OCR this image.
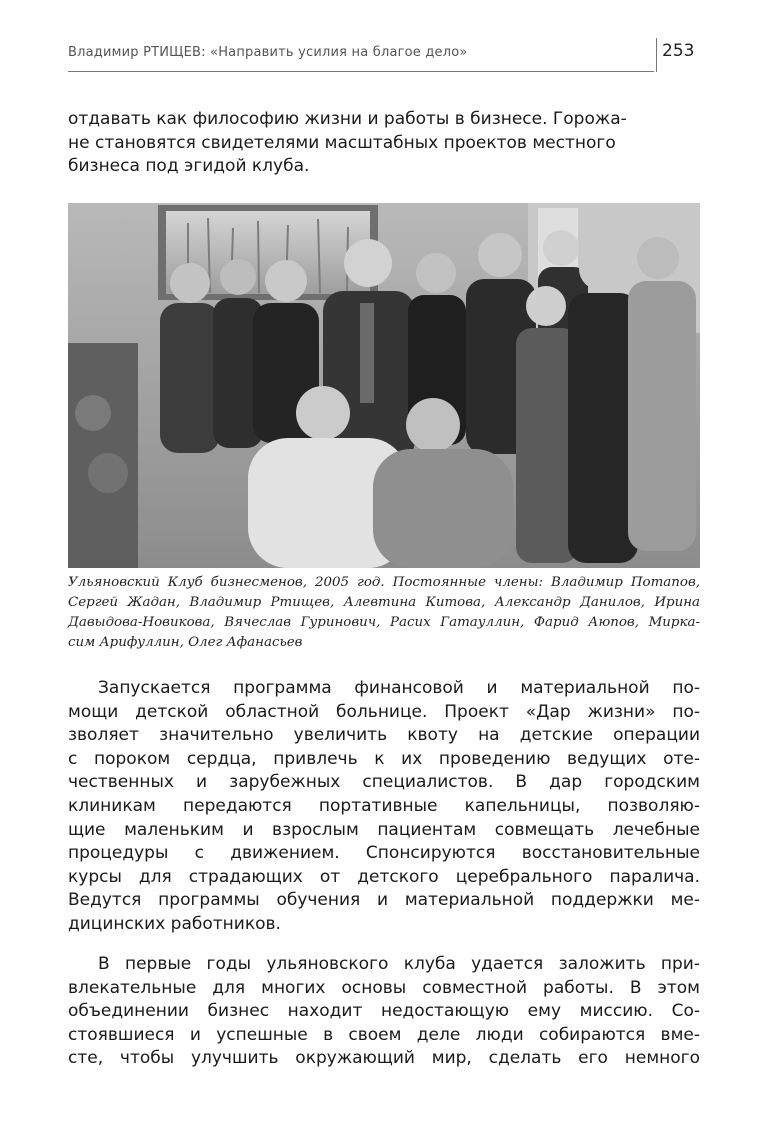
Владимир РТИЩЕВ: «Направить усилия на благое дело»	253

отдавать как философию жизни и работы в бизнесе. Горожа-
не становятся свидетелями масштабных проектов местного
бизнеса под эгидой клуба.

Ульяновский Клуб бизнесменов, 2005 год. Постоянные члены: Владимир Потапов,
Сергей Жадан, Владимир Ртищев, Алевтина Китова, Александр Данилов, Ирина
Давыдова-Новикова, Вячеслав Гуринович, Расих Гатауллин, Фарид Аюпов, Мирка-
сим Арифуллин, Олег Афанасьев

Запускается программа финансовой и материальной по-
мощи детской областной больнице. Проект «Дар жизни» по-
зволяет значительно увеличить квоту на детские операции
с пороком сердца, привлечь к их проведению ведущих оте-
чественных и зарубежных специалистов. В дар городским
клиникам передаются портативные капельницы, позволяю-
щие маленьким и взрослым пациентам совмещать лечебные
процедуры с движением. Спонсируются восстановительные
курсы для страдающих от детского церебрального паралича.
Ведутся программы обучения и материальной поддержки ме-
дицинских работников.

В первые годы ульяновского клуба удается заложить при-
влекательные для многих основы совместной работы. В этом
объединении бизнес находит недостающую ему миссию. Со-
стоявшиеся и успешные в своем деле люди собираются вме-
сте, чтобы улучшить окружающий мир, сделать его немного
